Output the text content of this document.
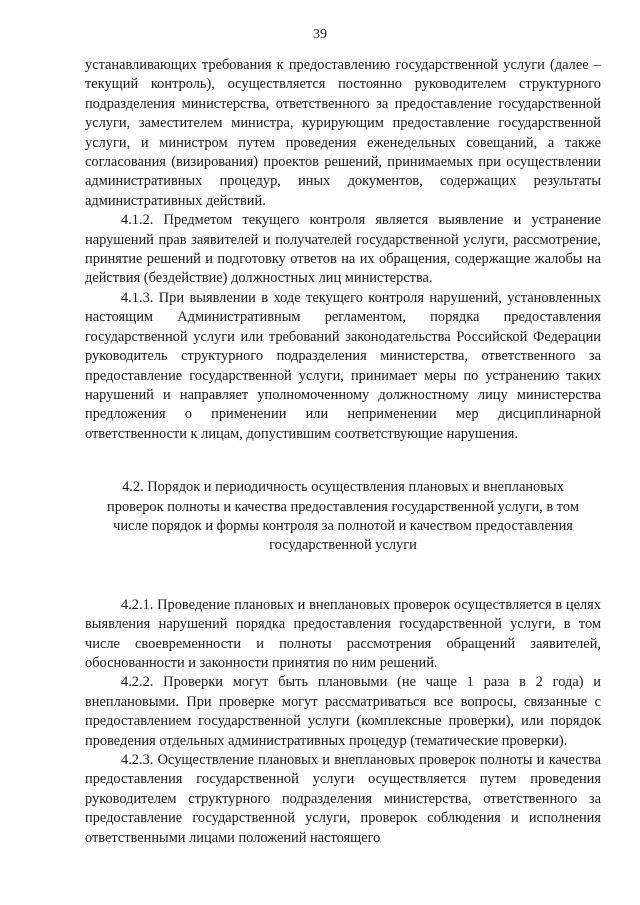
39

устанавливающих требования к предоставлению государственной услуги (далее – текущий контроль), осуществляется постоянно руководителем структурного подразделения министерства, ответственного за предоставление государственной услуги, заместителем министра, курирующим предоставление государственной услуги, и министром путем проведения еженедельных совещаний, а также согласования (визирования) проектов решений, принимаемых при осуществлении административных процедур, иных документов, содержащих результаты административных действий.

4.1.2. Предметом текущего контроля является выявление и устранение нарушений прав заявителей и получателей государственной услуги, рассмотрение, принятие решений и подготовку ответов на их обращения, содержащие жалобы на действия (бездействие) должностных лиц министерства.

4.1.3. При выявлении в ходе текущего контроля нарушений, установленных настоящим Административным регламентом, порядка предоставления государственной услуги или требований законодательства Российской Федерации руководитель структурного подразделения министерства, ответственного за предоставление государственной услуги, принимает меры по устранению таких нарушений и направляет уполномоченному должностному лицу министерства предложения о применении или неприменении мер дисциплинарной ответственности к лицам, допустившим соответствующие нарушения.

4.2. Порядок и периодичность осуществления плановых и внеплановых
проверок полноты и качества предоставления государственной услуги, в том
числе порядок и формы контроля за полнотой и качеством предоставления
государственной услуги

4.2.1. Проведение плановых и внеплановых проверок осуществляется в целях выявления нарушений порядка предоставления государственной услуги, в том числе своевременности и полноты рассмотрения обращений заявителей, обоснованности и законности принятия по ним решений.

4.2.2. Проверки могут быть плановыми (не чаще 1 раза в 2 года) и внеплановыми. При проверке могут рассматриваться все вопросы, связанные с предоставлением государственной услуги (комплексные проверки), или порядок проведения отдельных административных процедур (тематические проверки).

4.2.3. Осуществление плановых и внеплановых проверок полноты и качества предоставления государственной услуги осуществляется путем проведения руководителем структурного подразделения министерства, ответственного за предоставление государственной услуги, проверок соблюдения и исполнения ответственными лицами положений настоящего
